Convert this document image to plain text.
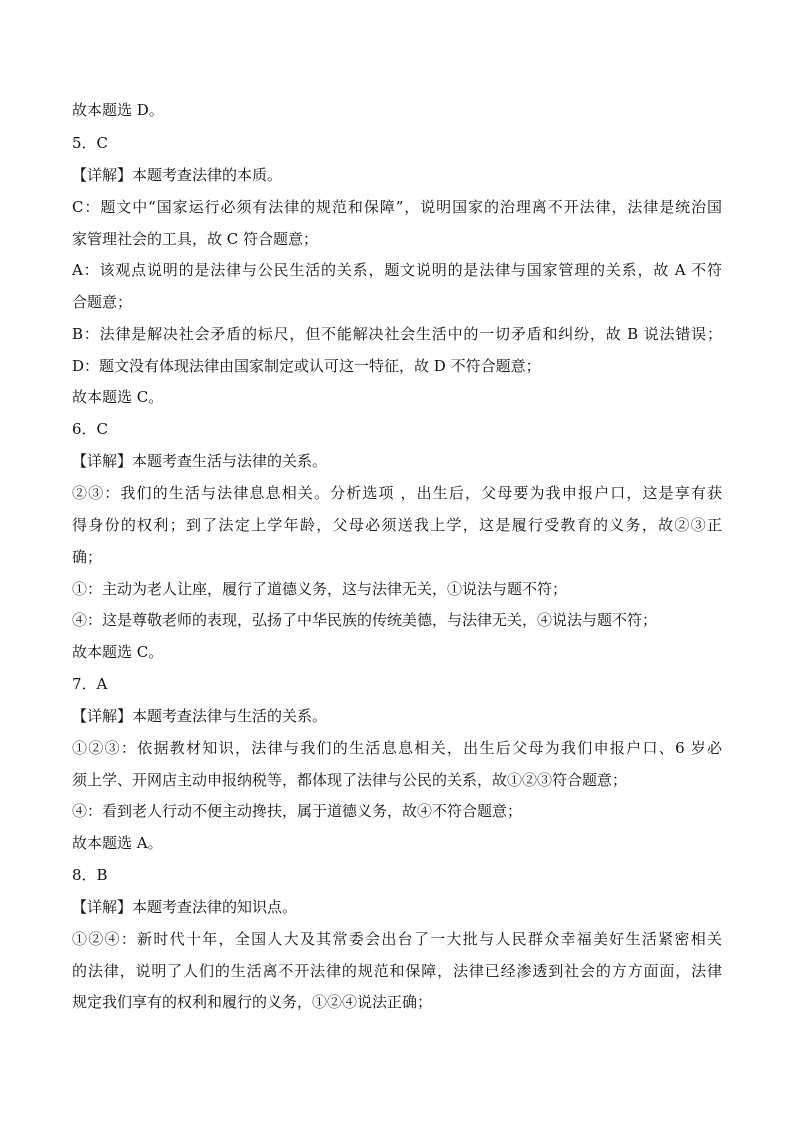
故本题选 D。
5．C
【详解】本题考查法律的本质。
C：题文中“国家运行必须有法律的规范和保障”，说明国家的治理离不开法律，法律是统治国
家管理社会的工具，故 C 符合题意；
A：该观点说明的是法律与公民生活的关系，题文说明的是法律与国家管理的关系，故 A 不符
合题意；
B：法律是解决社会矛盾的标尺，但不能解决社会生活中的一切矛盾和纠纷，故 B 说法错误；
D：题文没有体现法律由国家制定或认可这一特征，故 D 不符合题意；
故本题选 C。
6．C
【详解】本题考查生活与法律的关系。
②③：我们的生活与法律息息相关。分析选项 ，出生后，父母要为我申报户口，这是享有获
得身份的权利；到了法定上学年龄，父母必须送我上学，这是履行受教育的义务，故②③正
确；
①：主动为老人让座，履行了道德义务，这与法律无关，①说法与题不符；
④：这是尊敬老师的表现，弘扬了中华民族的传统美德，与法律无关，④说法与题不符；
故本题选 C。
7．A
【详解】本题考查法律与生活的关系。
①②③：依据教材知识，法律与我们的生活息息相关，出生后父母为我们申报户口、6 岁必
须上学、开网店主动申报纳税等，都体现了法律与公民的关系，故①②③符合题意；
④：看到老人行动不便主动搀扶，属于道德义务，故④不符合题意；
故本题选 A。
8．B
【详解】本题考查法律的知识点。
①②④：新时代十年，全国人大及其常委会出台了一大批与人民群众幸福美好生活紧密相关
的法律，说明了人们的生活离不开法律的规范和保障，法律已经渗透到社会的方方面面，法律
规定我们享有的权利和履行的义务，①②④说法正确；
